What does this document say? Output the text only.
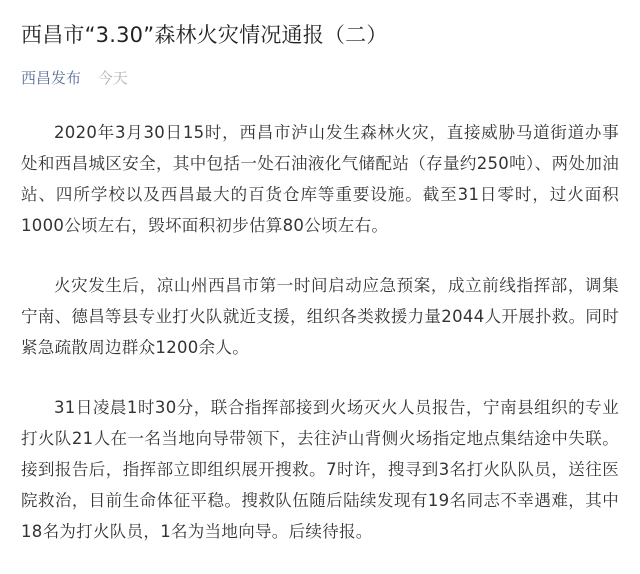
西昌市“3.30”森林火灾情况通报（二）
西昌发布 今天

2020年3月30日15时，西昌市泸山发生森林火灾，直接威胁马道街道办事处和西昌城区安全，其中包括一处石油液化气储配站（存量约250吨）、两处加油站、四所学校以及西昌最大的百货仓库等重要设施。截至31日零时，过火面积1000公顷左右，毁坏面积初步估算80公顷左右。

火灾发生后，凉山州西昌市第一时间启动应急预案，成立前线指挥部，调集宁南、德昌等县专业打火队就近支援，组织各类救援力量2044人开展扑救。同时紧急疏散周边群众1200余人。

31日凌晨1时30分，联合指挥部接到火场灭火人员报告，宁南县组织的专业打火队21人在一名当地向导带领下，去往泸山背侧火场指定地点集结途中失联。接到报告后，指挥部立即组织展开搜救。7时许，搜寻到3名打火队队员，送往医院救治，目前生命体征平稳。搜救队伍随后陆续发现有19名同志不幸遇难，其中18名为打火队员，1名为当地向导。后续待报。
